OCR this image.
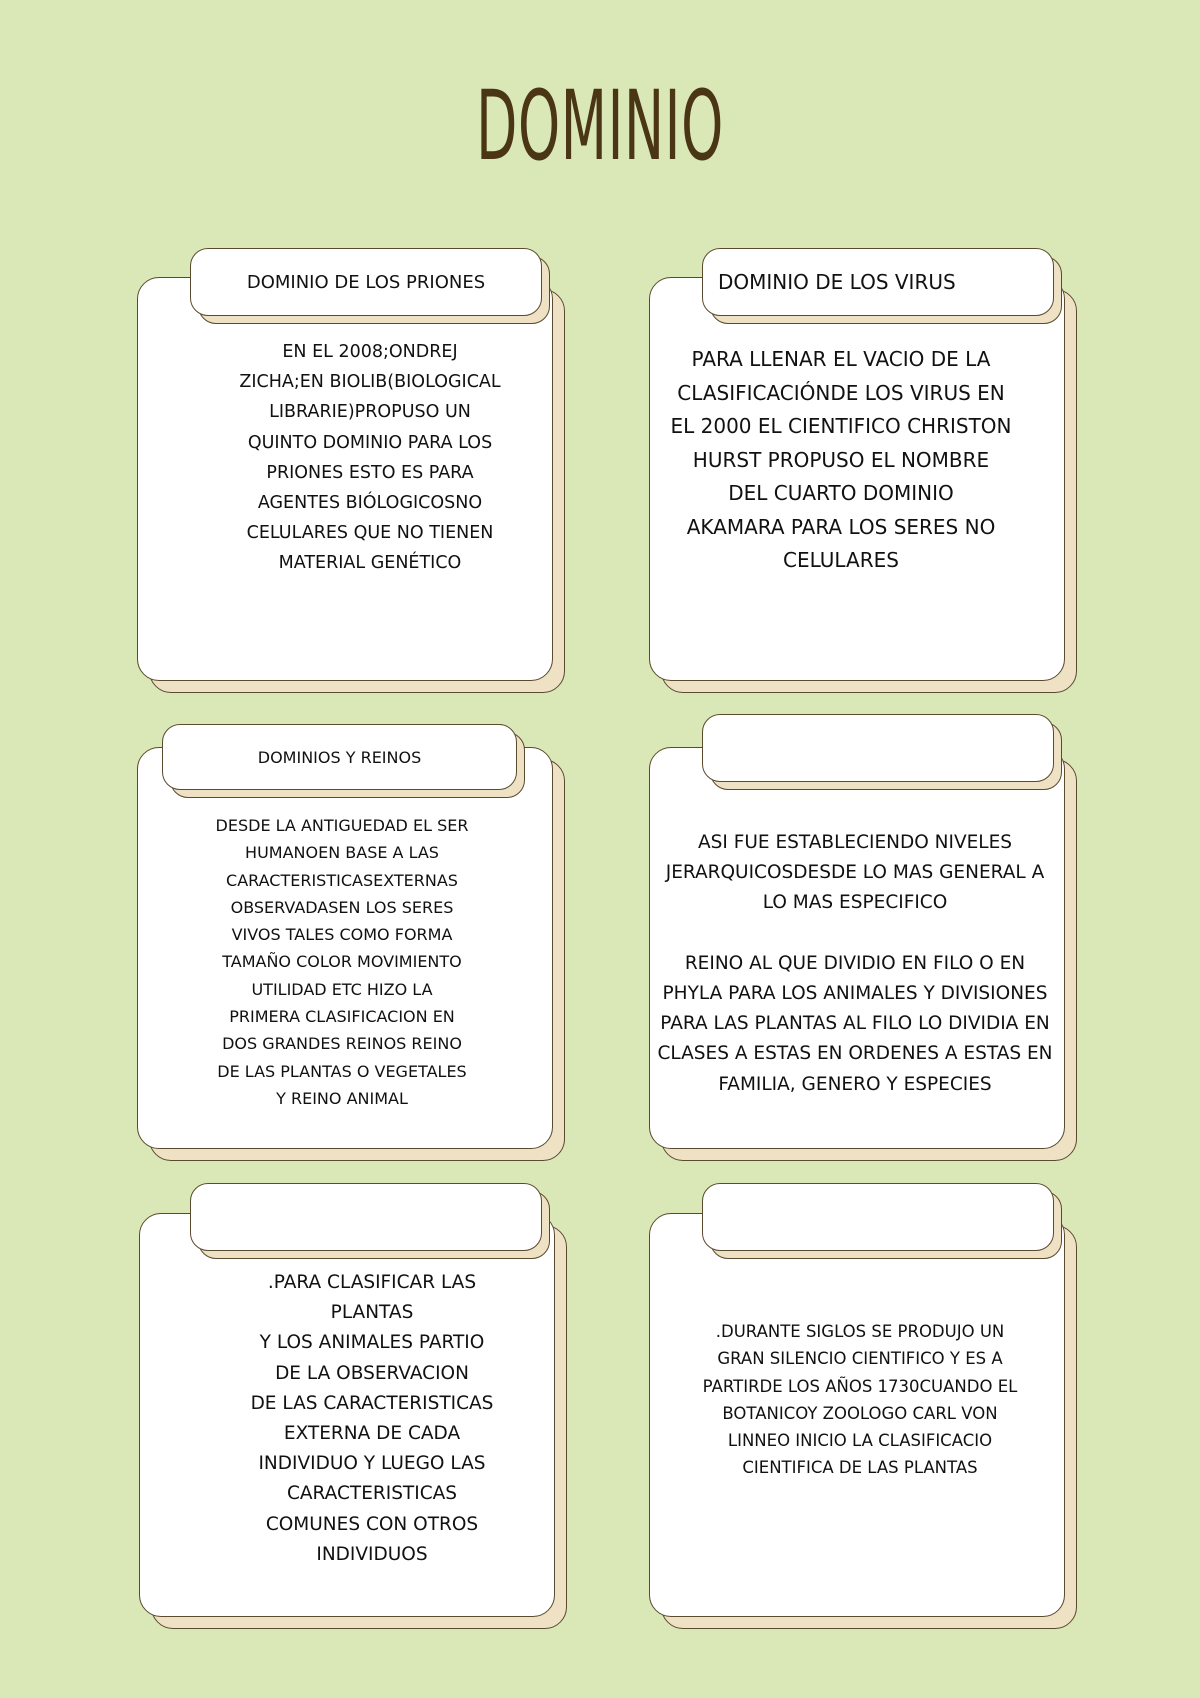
DOMINIO
DOMINIO DE LOS PRIONES
EN EL 2008;ONDREJ
ZICHA;EN BIOLIB(BIOLOGICAL
LIBRARIE)PROPUSO UN
QUINTO DOMINIO PARA LOS
PRIONES ESTO ES PARA
AGENTES BIÓLOGICOSNO
CELULARES QUE NO TIENEN
MATERIAL GENÉTICO
DOMINIO DE LOS VIRUS
PARA LLENAR EL VACIO DE LA
CLASIFICACIÓNDE LOS VIRUS EN
EL 2000 EL CIENTIFICO CHRISTON
HURST PROPUSO EL NOMBRE
DEL CUARTO DOMINIO
AKAMARA PARA LOS SERES NO
CELULARES
DOMINIOS Y REINOS
DESDE LA ANTIGUEDAD EL SER
HUMANOEN BASE A LAS
CARACTERISTICASEXTERNAS
OBSERVADASEN LOS SERES
VIVOS TALES COMO FORMA
TAMAÑO COLOR MOVIMIENTO
UTILIDAD ETC HIZO LA
PRIMERA CLASIFICACION EN
DOS GRANDES REINOS REINO
DE LAS PLANTAS O VEGETALES
Y REINO ANIMAL
ASI FUE ESTABLECIENDO NIVELES
JERARQUICOSDESDE LO MAS GENERAL A
LO MAS ESPECIFICO

REINO AL QUE DIVIDIO EN FILO O EN
PHYLA PARA LOS ANIMALES Y DIVISIONES
PARA LAS PLANTAS AL FILO LO DIVIDIA EN
CLASES A ESTAS EN ORDENES A ESTAS EN
FAMILIA, GENERO Y ESPECIES
.PARA CLASIFICAR LAS
PLANTAS
Y LOS ANIMALES PARTIO
DE LA OBSERVACION
DE LAS CARACTERISTICAS
EXTERNA DE CADA
INDIVIDUO Y LUEGO LAS
CARACTERISTICAS
COMUNES CON OTROS
INDIVIDUOS
.DURANTE SIGLOS SE PRODUJO UN
GRAN SILENCIO CIENTIFICO Y ES A
PARTIRDE LOS AÑOS 1730CUANDO EL
BOTANICOY ZOOLOGO CARL VON
LINNEO INICIO LA CLASIFICACIO
CIENTIFICA DE LAS PLANTAS
